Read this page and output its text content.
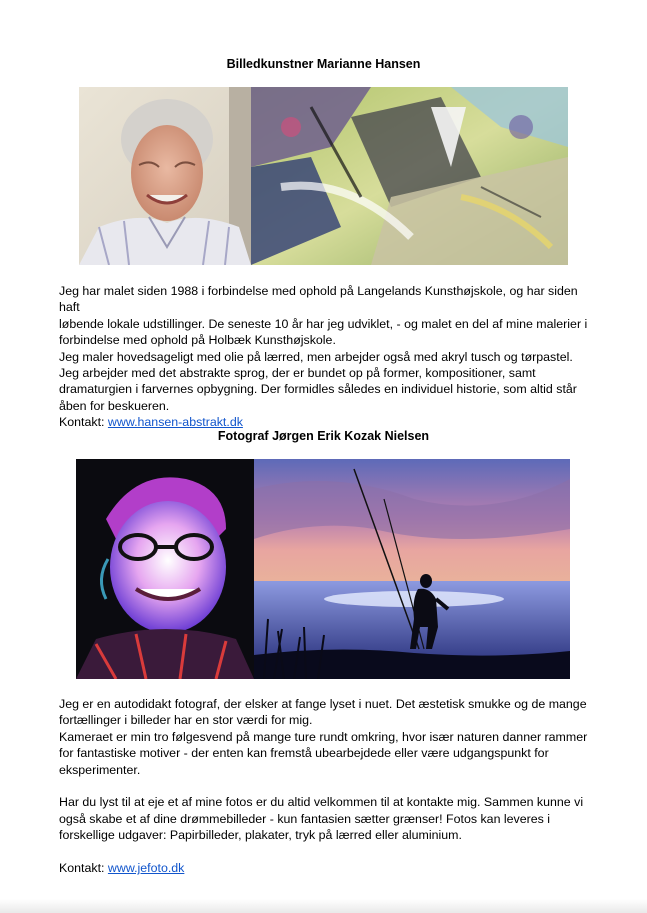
Billedkunstner Marianne Hansen

Jeg har malet siden 1988 i forbindelse med ophold på Langelands Kunsthøjskole, og har siden haft

løbende lokale udstillinger. De seneste 10 år har jeg udviklet, - og malet en del af mine malerier i

forbindelse med ophold på Holbæk Kunsthøjskole.

Jeg maler hovedsageligt med olie på lærred, men arbejder også med akryl tusch og tørpastel.

Jeg arbejder med det abstrakte sprog, der er bundet op på former, kompositioner, samt

dramaturgien i farvernes opbygning. Der formidles således en individuel historie, som altid står

åben for beskueren.

Kontakt: www.hansen-abstrakt.dk

Fotograf Jørgen Erik Kozak Nielsen

Jeg er en autodidakt fotograf, der elsker at fange lyset i nuet. Det æstetisk smukke og de mange

fortællinger i billeder har en stor værdi for mig.

Kameraet er min tro følgesvend på mange ture rundt omkring, hvor især naturen danner rammer

for fantastiske motiver - der enten kan fremstå ubearbejdede eller være udgangspunkt for

eksperimenter.

Har du lyst til at eje et af mine fotos er du altid velkommen til at kontakte mig. Sammen kunne vi

også skabe et af dine drømmebilleder - kun fantasien sætter grænser! Fotos kan leveres i

forskellige udgaver: Papirbilleder, plakater, tryk på lærred eller aluminium.

Kontakt: www.jefoto.dk
